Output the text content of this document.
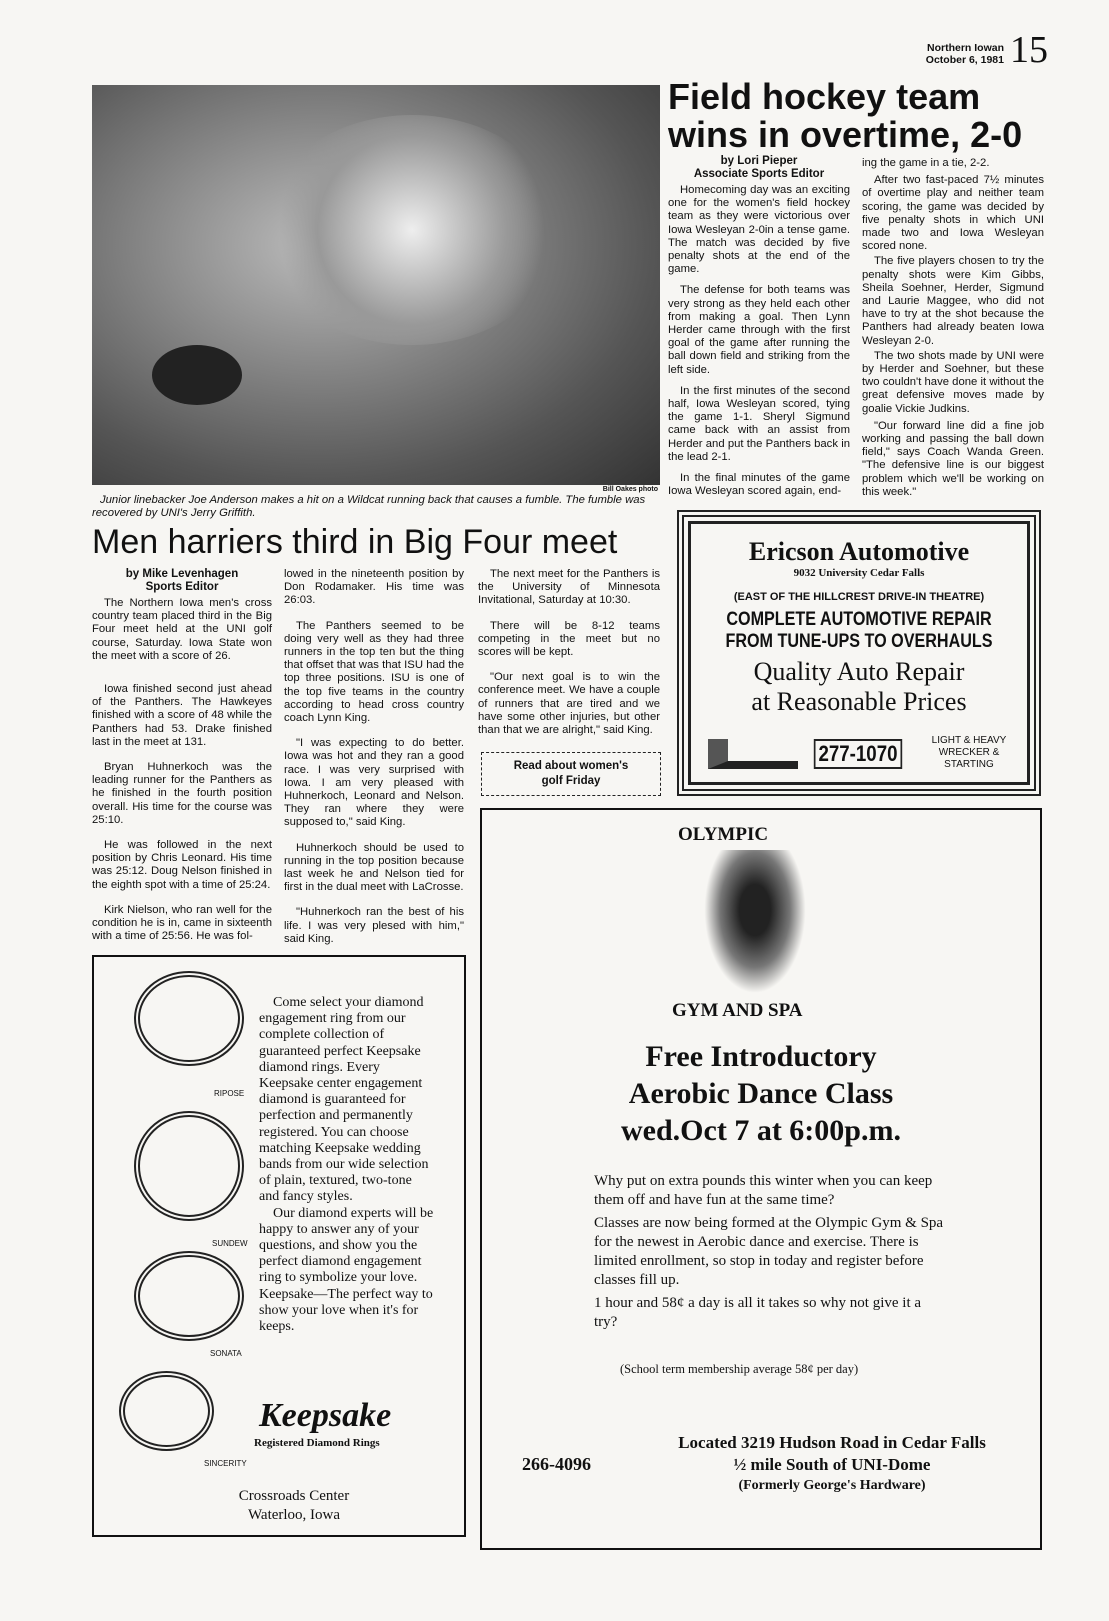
Northern Iowan
October 6, 1981 15
Bill Oakes photo
Junior linebacker Joe Anderson makes a hit on a Wildcat running back that causes a fumble. The fumble was recovered by UNI's Jerry Griffith.
Field hockey team wins in overtime, 2-0
by Lori Pieper
Associate Sports Editor

Homecoming day was an exciting one for the women's field hockey team as they were victorious over Iowa Wesleyan 2-0in a tense game. The match was decided by five penalty shots at the end of the game.

The defense for both teams was very strong as they held each other from making a goal. Then Lynn Herder came through with the first goal of the game after running the ball down field and striking from the left side.

In the first minutes of the second half, Iowa Wesleyan scored, tying the game 1-1. Sheryl Sigmund came back with an assist from Herder and put the Panthers back in the lead 2-1.

In the final minutes of the game Iowa Wesleyan scored again, end-

ing the game in a tie, 2-2.

After two fast-paced 7½ minutes of overtime play and neither team scoring, the game was decided by five penalty shots in which UNI made two and Iowa Wesleyan scored none.

The five players chosen to try the penalty shots were Kim Gibbs, Sheila Soehner, Herder, Sigmund and Laurie Maggee, who did not have to try at the shot because the Panthers had already beaten Iowa Wesleyan 2-0.

The two shots made by UNI were by Herder and Soehner, but these two couldn't have done it without the great defensive moves made by goalie Vickie Judkins.

"Our forward line did a fine job working and passing the ball down field," says Coach Wanda Green. "The defensive line is our biggest problem which we'll be working on this week."

Men harriers third in Big Four meet
by Mike Levenhagen
Sports Editor

The Northern Iowa men's cross country team placed third in the Big Four meet held at the UNI golf course, Saturday. Iowa State won the meet with a score of 26.

Iowa finished second just ahead of the Panthers. The Hawkeyes finished with a score of 48 while the Panthers had 53. Drake finished last in the meet at 131.

Bryan Huhnerkoch was the leading runner for the Panthers as he finished in the fourth position overall. His time for the course was 25:10.

He was followed in the next position by Chris Leonard. His time was 25:12. Doug Nelson finished in the eighth spot with a time of 25:24.

Kirk Nielson, who ran well for the condition he is in, came in sixteenth with a time of 25:56. He was fol-

lowed in the nineteenth position by Don Rodamaker. His time was 26:03.

The Panthers seemed to be doing very well as they had three runners in the top ten but the thing that offset that was that ISU had the top three positions. ISU is one of the top five teams in the country according to head cross country coach Lynn King.

"I was expecting to do better. Iowa was hot and they ran a good race. I was very surprised with Iowa. I am very pleased with Huhnerkoch, Leonard and Nelson. They ran where they were supposed to," said King.

Huhnerkoch should be used to running in the top position because last week he and Nelson tied for first in the dual meet with LaCrosse.

"Huhnerkoch ran the best of his life. I was very plesed with him," said King.

The next meet for the Panthers is the University of Minnesota Invitational, Saturday at 10:30.

There will be 8-12 teams competing in the meet but no scores will be kept.

"Our next goal is to win the conference meet. We have a couple of runners that are tired and we have some other injuries, but other than that we are alright," said King.

Read about women's golf Friday
Ericson Automotive
9032 University Cedar Falls
(EAST OF THE HILLCREST DRIVE-IN THEATRE)
COMPLETE AUTOMOTIVE REPAIR
FROM TUNE-UPS TO OVERHAULS
Quality Auto Repair
at Reasonable Prices
277-1070
LIGHT & HEAVY WRECKER & STARTING
OLYMPIC
GYM AND SPA
Free Introductory
Aerobic Dance Class
wed.Oct 7 at 6:00p.m.

Why put on extra pounds this winter when you can keep them off and have fun at the same time?

Classes are now being formed at the Olympic Gym & Spa for the newest in Aerobic dance and exercise. There is limited enrollment, so stop in today and register before classes fill up.

1 hour and 58¢ a day is all it takes so why not give it a try?

(School term membership average 58¢ per day)
266-4096
Located 3219 Hudson Road in Cedar Falls
½ mile South of UNI-Dome
(Formerly George's Hardware)
RIPOSE
SUNDEW
SONATA
SINCERITY

Come select your diamond engagement ring from our complete collection of guaranteed perfect Keepsake diamond rings. Every Keepsake center engagement diamond is guaranteed for perfection and permanently registered. You can choose matching Keepsake wedding bands from our wide selection of plain, textured, two-tone and fancy styles.

Our diamond experts will be happy to answer any of your questions, and show you the perfect diamond engagement ring to symbolize your love. Keepsake—The perfect way to show your love when it's for keeps.

Keepsake
Registered Diamond Rings
Crossroads Center
Waterloo, Iowa
